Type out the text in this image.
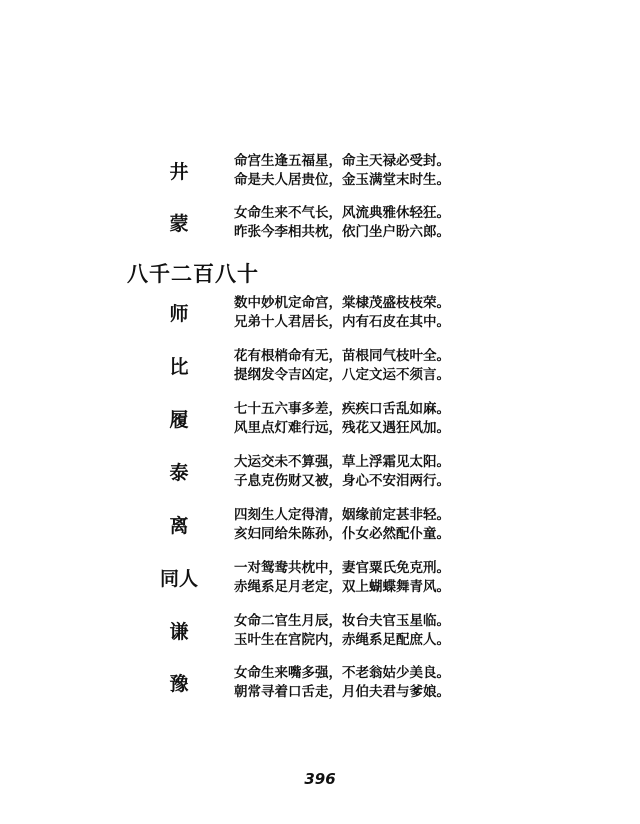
井	命宫生逢五福星，命主天禄必受封。
命是夫人居贵位，金玉满堂末时生。
蒙	女命生来不气长，风流典雅休轻狂。
昨张今李相共枕，依门坐户盼六郎。
八千二百八十
师	数中妙机定命宫，棠棣茂盛枝枝荣。
兄弟十人君居长，内有石皮在其中。
比	花有根梢命有无，苗根同气枝叶全。
提纲发令吉凶定，八定文运不须言。
履	七十五六事多差，疾疾口舌乱如麻。
风里点灯难行远，残花又遇狂风加。
泰	大运交未不算强，草上浮霜见太阳。
子息克伤财又被，身心不安泪两行。
离	四刻生人定得清，姻缘前定甚非轻。
亥妇同给朱陈孙，仆女必然配仆童。
同人	一对鸳鸯共枕中，妻官粟氏免克刑。
赤绳系足月老定，双上蝴蝶舞青风。
谦	女命二官生月辰，妆台夫官玉星临。
玉叶生在宫院内，赤绳系足配庶人。
豫	女命生来嘴多强，不老翁姑少美良。
朝常寻着口舌走，月伯夫君与爹娘。
396
